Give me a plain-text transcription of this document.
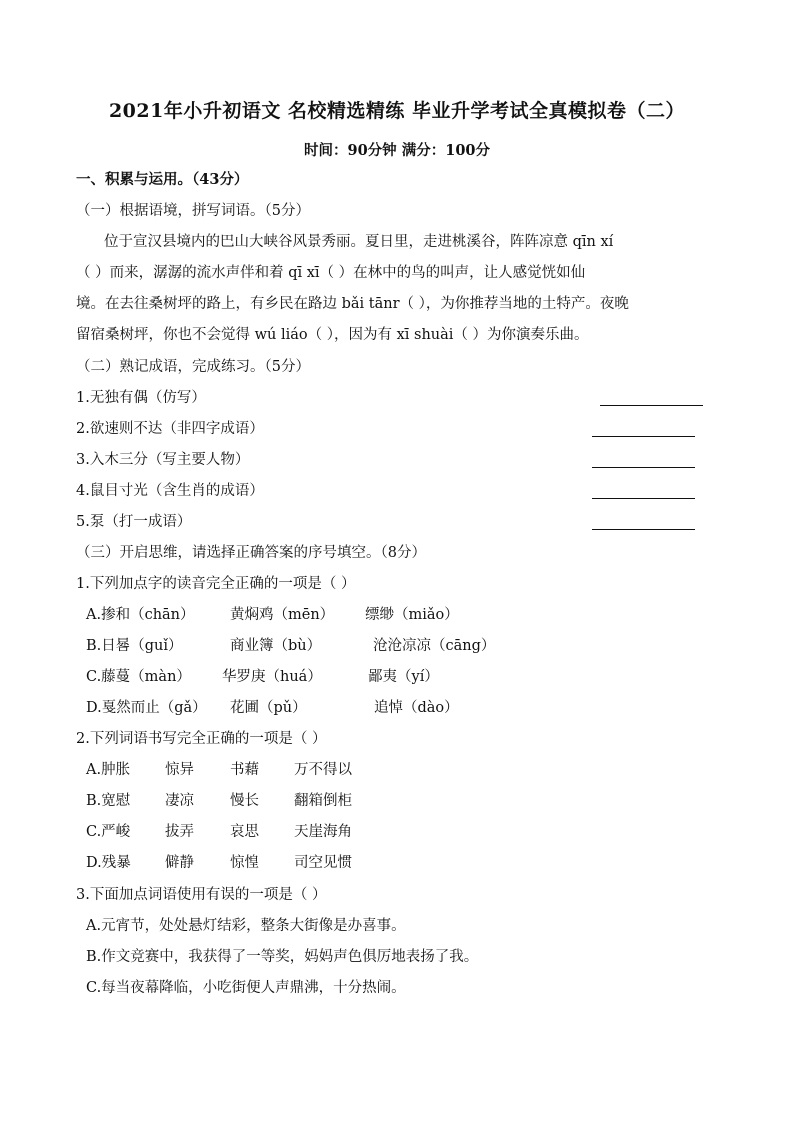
2021年小升初语文 名校精选精练 毕业升学考试全真模拟卷（二）
时间：90分钟 满分：100分
一、积累与运用。（43分）
（一）根据语境，拼写词语。（5分）
位于宣汉县境内的巴山大峡谷风景秀丽。夏日里，走进桃溪谷，阵阵凉意 qīn xí
（ ）而来，潺潺的流水声伴和着 qī xī（ ）在林中的鸟的叫声，让人感觉恍如仙
境。在去往桑树坪的路上，有乡民在路边 bǎi tānr（ ），为你推荐当地的土特产。夜晚
留宿桑树坪，你也不会觉得 wú liáo（ ），因为有 xī shuài（ ）为你演奏乐曲。
（二）熟记成语，完成练习。（5分）
1.无独有偶（仿写）
2.欲速则不达（非四字成语）
3.入木三分（写主要人物）
4.鼠目寸光（含生肖的成语）
5.泵（打一成语）
（三）开启思维，请选择正确答案的序号填空。（8分）
1.下列加点字的读音完全正确的一项是（ ）
A.掺和（chān） 黄焖鸡（mēn） 缥缈（miǎo）
B.日晷（guǐ）	商业簿（bù）	沧沧凉凉（cāng）
C.藤蔓（màn） 华罗庚（huá）	鄙夷（yí）
D.戛然而止（gǎ） 花圃（pǔ）	追悼（dào）
2.下列词语书写完全正确的一项是（ ）
A.肿胀 惊异 书藉 万不得以
B.宽慰 凄凉 慢长 翻箱倒柜
C.严峻 拔弄 哀思 天崖海角
D.残暴 僻静 惊惶 司空见惯
3.下面加点词语使用有误的一项是（ ）
A.元宵节，处处悬灯结彩，整条大街像是办喜事。
B.作文竞赛中，我获得了一等奖，妈妈声色俱厉地表扬了我。
C.每当夜幕降临，小吃街便人声鼎沸，十分热闹。
